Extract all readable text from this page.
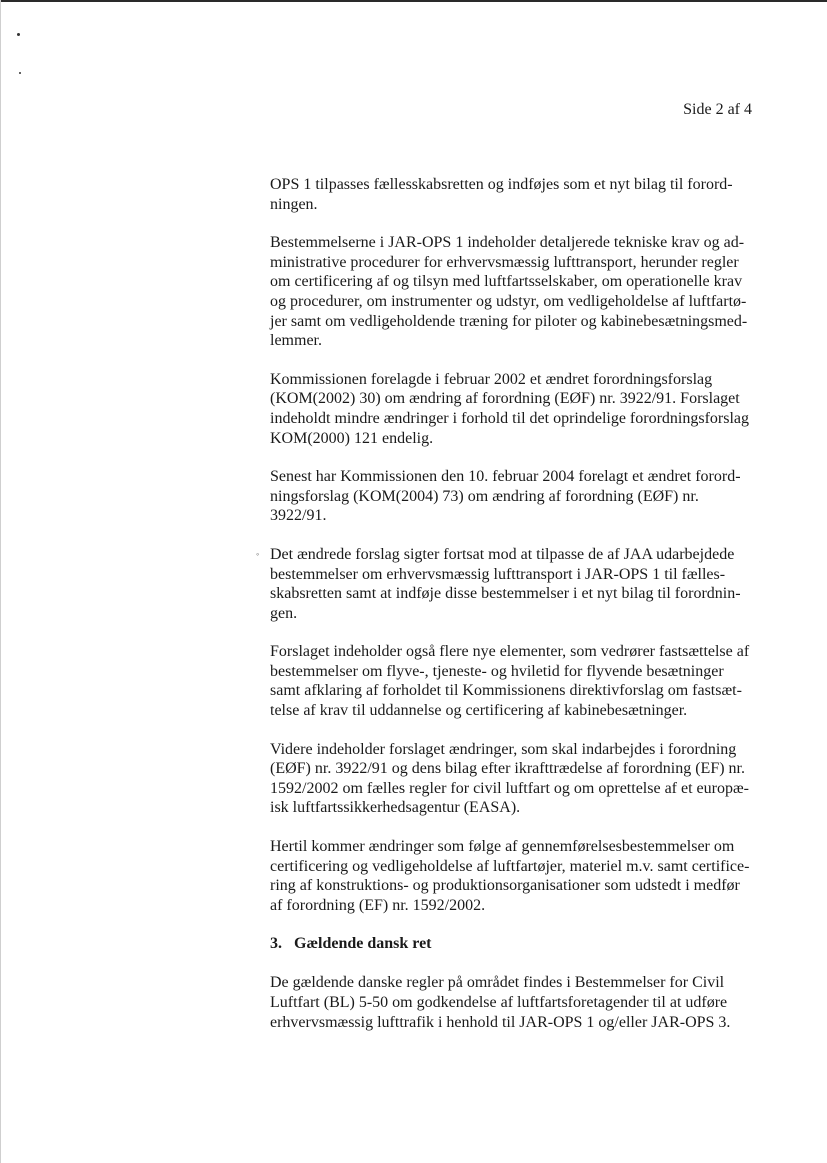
Side 2 af 4

OPS 1 tilpasses fællesskabsretten og indføjes som et nyt bilag til forord-
ningen.

Bestemmelserne i JAR-OPS 1 indeholder detaljerede tekniske krav og ad-
ministrative procedurer for erhvervsmæssig lufttransport, herunder regler
om certificering af og tilsyn med luftfartsselskaber, om operationelle krav
og procedurer, om instrumenter og udstyr, om vedligeholdelse af luftfartø-
jer samt om vedligeholdende træning for piloter og kabinebesætningsmed-
lemmer.

Kommissionen forelagde i februar 2002 et ændret forordningsforslag
(KOM(2002) 30) om ændring af forordning (EØF) nr. 3922/91. Forslaget
indeholdt mindre ændringer i forhold til det oprindelige forordningsforslag
KOM(2000) 121 endelig.

Senest har Kommissionen den 10. februar 2004 forelagt et ændret forord-
ningsforslag (KOM(2004) 73) om ændring af forordning (EØF) nr.
3922/91.

◦ Det ændrede forslag sigter fortsat mod at tilpasse de af JAA udarbejdede
bestemmelser om erhvervsmæssig lufttransport i JAR-OPS 1 til fælles-
skabsretten samt at indføje disse bestemmelser i et nyt bilag til forordnin-
gen.

Forslaget indeholder også flere nye elementer, som vedrører fastsættelse af
bestemmelser om flyve-, tjeneste- og hviletid for flyvende besætninger
samt afklaring af forholdet til Kommissionens direktivforslag om fastsæt-
telse af krav til uddannelse og certificering af kabinebesætninger.

Videre indeholder forslaget ændringer, som skal indarbejdes i forordning
(EØF) nr. 3922/91 og dens bilag efter ikrafttrædelse af forordning (EF) nr.
1592/2002 om fælles regler for civil luftfart og om oprettelse af et europæ-
isk luftfartssikkerhedsagentur (EASA).

Hertil kommer ændringer som følge af gennemførelsesbestemmelser om
certificering og vedligeholdelse af luftfartøjer, materiel m.v. samt certifice-
ring af konstruktions- og produktionsorganisationer som udstedt i medfør
af forordning (EF) nr. 1592/2002.

3. Gældende dansk ret

De gældende danske regler på området findes i Bestemmelser for Civil
Luftfart (BL) 5-50 om godkendelse af luftfartsforetagender til at udføre
erhvervsmæssig lufttrafik i henhold til JAR-OPS 1 og/eller JAR-OPS 3.
